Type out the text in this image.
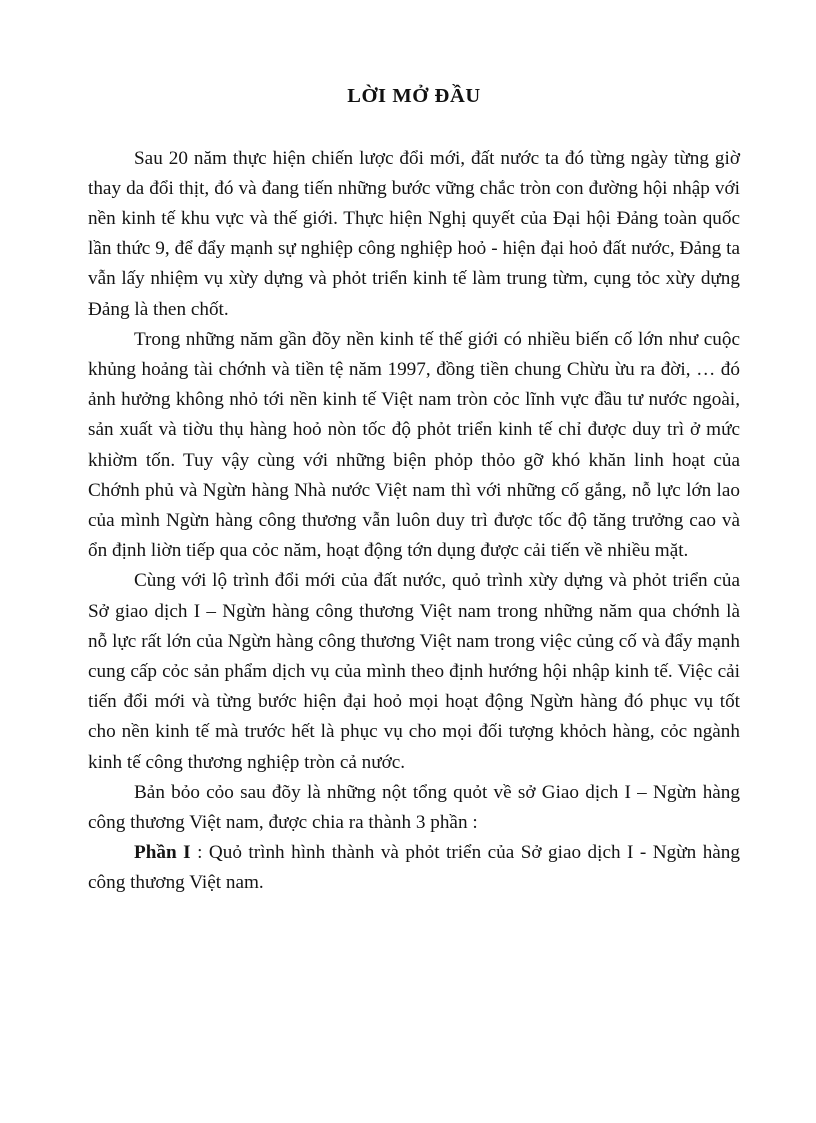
LỜI MỞ ĐẦU

Sau 20 năm thực hiện chiến lược đổi mới, đất nước ta đó từng ngày từng giờ thay da đổi thịt, đó và đang tiến những bước vững chắc tròn con đường hội nhập với nền kinh tế khu vực và thế giới. Thực hiện Nghị quyết của Đại hội Đảng toàn quốc lần thức 9, để đẩy mạnh sự nghiệp công nghiệp hoỏ - hiện đại hoỏ đất nước, Đảng ta vẫn lấy nhiệm vụ xừy dựng và phỏt triển kinh tế làm trung từm, cụng tỏc xừy dựng Đảng là then chốt.

Trong những năm gần đõy nền kinh tế thế giới có nhiều biến cố lớn như cuộc khủng hoảng tài chớnh và tiền tệ năm 1997, đồng tiền chung Chừu ừu ra đời, … đó ảnh hưởng không nhỏ tới nền kinh tế Việt nam tròn cỏc lĩnh vực đầu tư nước ngoài, sản xuất và tiờu thụ hàng hoỏ nòn tốc độ phỏt triển kinh tế chỉ được duy trì ở mức khiờm tốn. Tuy vậy cùng với những biện phỏp thỏo gỡ khó khăn linh hoạt của Chớnh phủ và Ngừn hàng Nhà nước Việt nam thì với những cố gắng, nỗ lực lớn lao của mình Ngừn hàng công thương vẫn luôn duy trì được tốc độ tăng trưởng cao và ổn định liờn tiếp qua cỏc năm, hoạt động tớn dụng được cải tiến về nhiều mặt.

Cùng với lộ trình đổi mới của đất nước, quỏ trình xừy dựng và phỏt triển của Sở giao dịch I – Ngừn hàng công thương Việt nam trong những năm qua chớnh là nỗ lực rất lớn của Ngừn hàng công thương Việt nam trong việc củng cố và đẩy mạnh cung cấp cỏc sản phẩm dịch vụ của mình theo định hướng hội nhập kinh tế. Việc cải tiến đổi mới và từng bước hiện đại hoỏ mọi hoạt động Ngừn hàng đó phục vụ tốt cho nền kinh tế mà trước hết là phục vụ cho mọi đối tượng khỏch hàng, cỏc ngành kinh tế công thương nghiệp tròn cả nước.

Bản bỏo cỏo sau đõy là những nột tổng quỏt về sở Giao dịch I – Ngừn hàng công thương Việt nam, được chia ra thành 3 phần :

Phần I : Quỏ trình hình thành và phỏt triển của Sở giao dịch I - Ngừn hàng công thương Việt nam.
